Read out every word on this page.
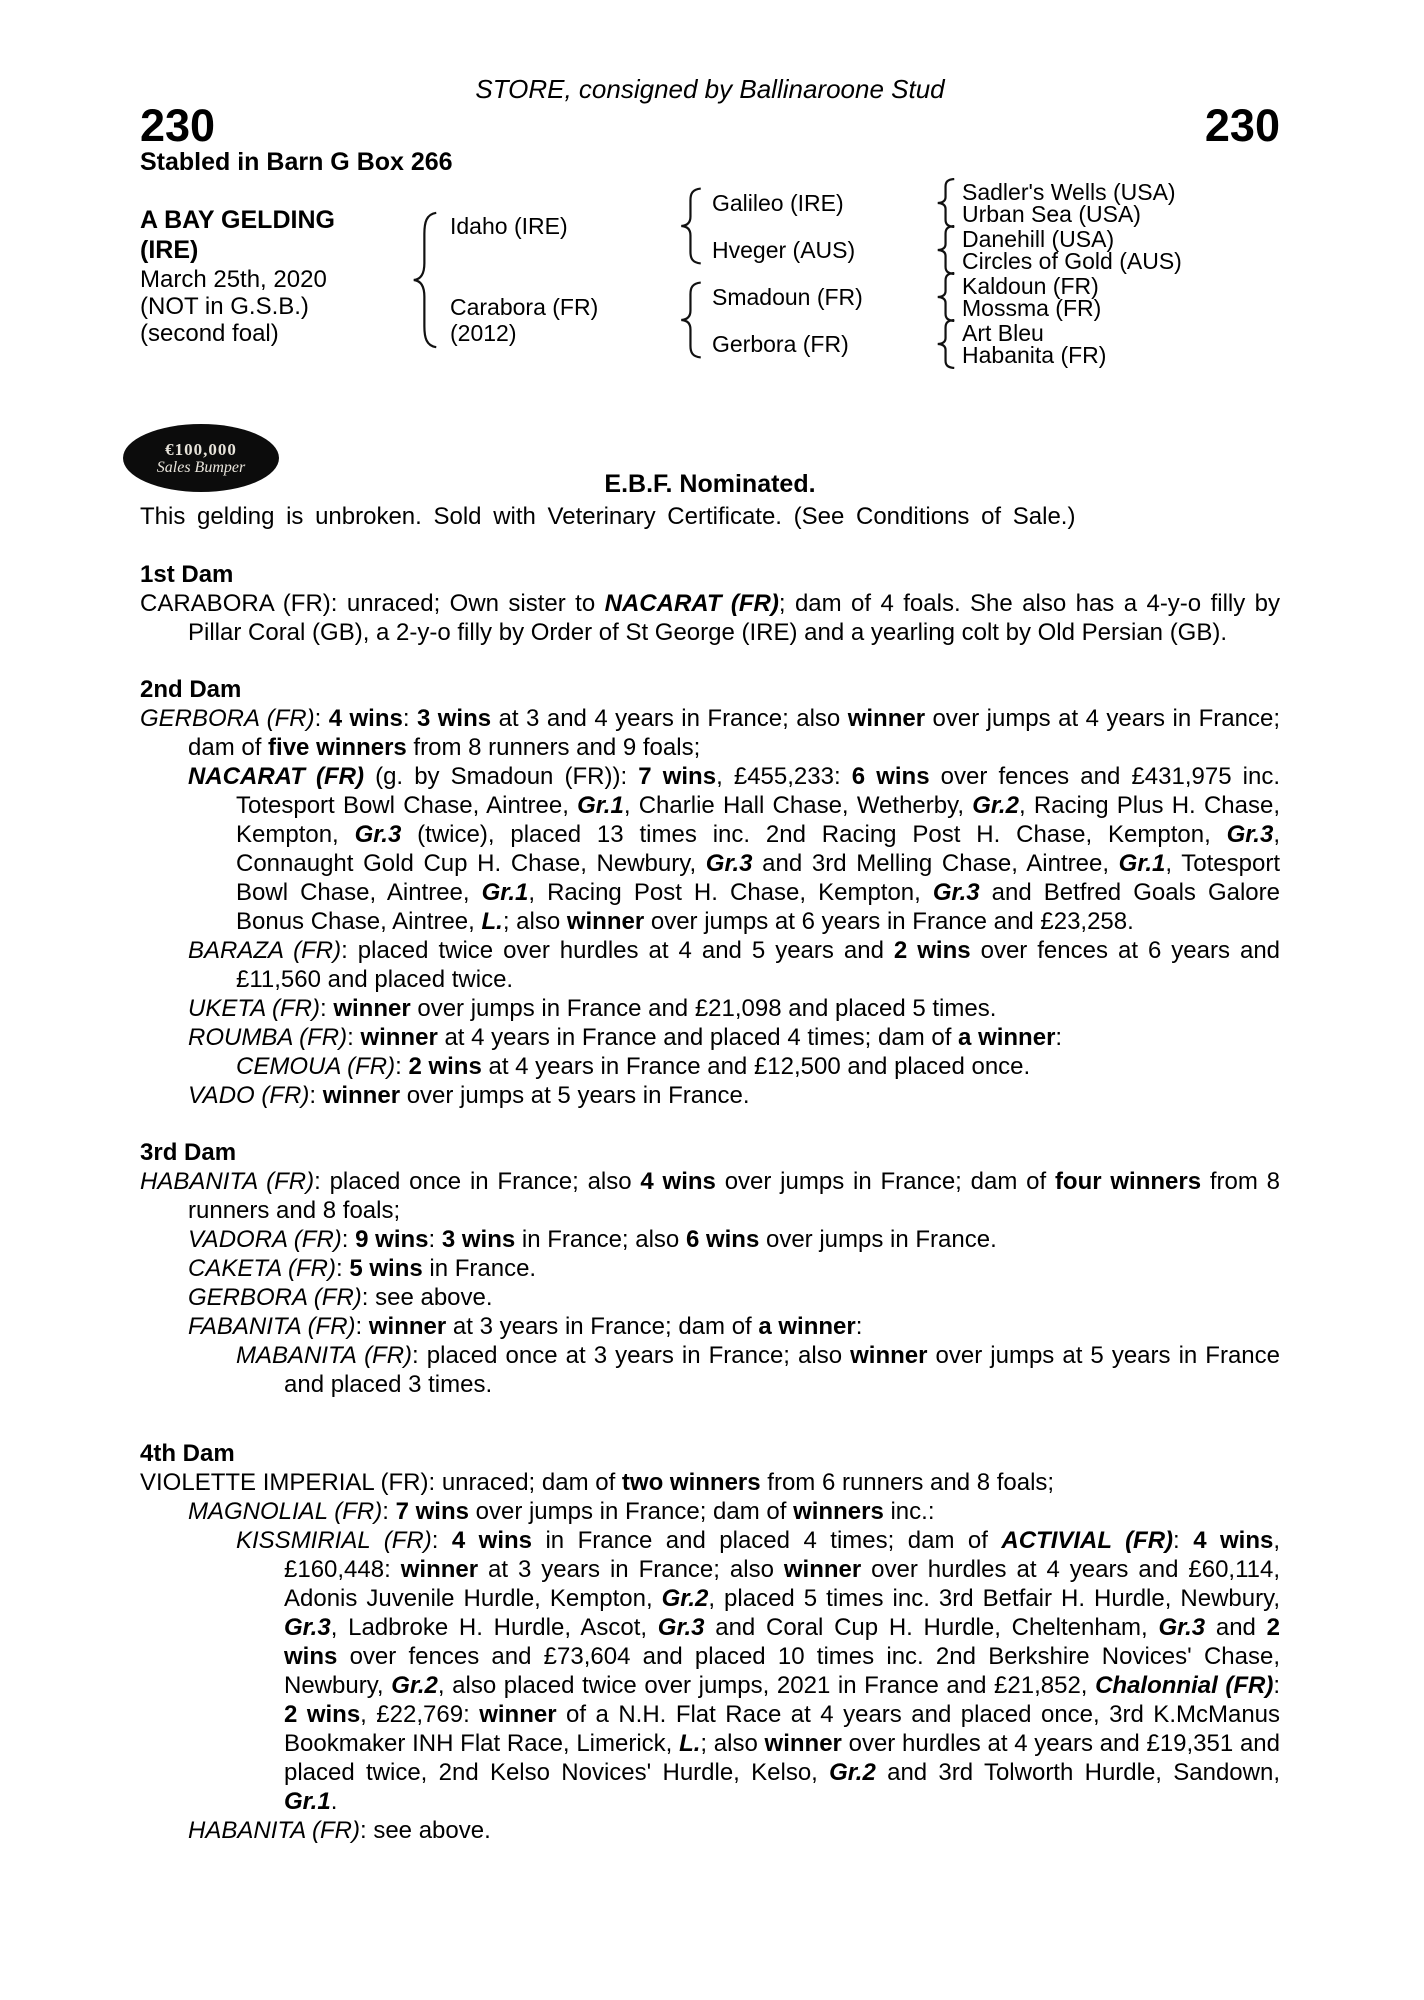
STORE, consigned by Ballinaroone Stud
230	230
Stabled in Barn G Box 266
A BAY GELDING
(IRE)
March 25th, 2020
(NOT in G.S.B.)
(second foal)
Idaho (IRE)
Carabora (FR)
(2012)
Galileo (IRE)
Hveger (AUS)
Smadoun (FR)
Gerbora (FR)
Sadler's Wells (USA)
Urban Sea (USA)
Danehill (USA)
Circles of Gold (AUS)
Kaldoun (FR)
Mossma (FR)
Art Bleu
Habanita (FR)
€100,000
Sales Bumper
E.B.F. Nominated.
This gelding is unbroken. Sold with Veterinary Certificate. (See Conditions of Sale.)
1st Dam

CARABORA (FR): unraced; Own sister to NACARAT (FR); dam of 4 foals. She also has a 4-y-o filly by Pillar Coral (GB), a 2-y-o filly by Order of St George (IRE) and a yearling colt by Old Persian (GB).

2nd Dam

GERBORA (FR): 4 wins: 3 wins at 3 and 4 years in France; also winner over jumps at 4 years in France; dam of five winners from 8 runners and 9 foals;

NACARAT (FR) (g. by Smadoun (FR)): 7 wins, £455,233: 6 wins over fences and £431,975 inc. Totesport Bowl Chase, Aintree, Gr.1, Charlie Hall Chase, Wetherby, Gr.2, Racing Plus H. Chase, Kempton, Gr.3 (twice), placed 13 times inc. 2nd Racing Post H. Chase, Kempton, Gr.3, Connaught Gold Cup H. Chase, Newbury, Gr.3 and 3rd Melling Chase, Aintree, Gr.1, Totesport Bowl Chase, Aintree, Gr.1, Racing Post H. Chase, Kempton, Gr.3 and Betfred Goals Galore Bonus Chase, Aintree, L.; also winner over jumps at 6 years in France and £23,258.

BARAZA (FR): placed twice over hurdles at 4 and 5 years and 2 wins over fences at 6 years and £11,560 and placed twice.

UKETA (FR): winner over jumps in France and £21,098 and placed 5 times.

ROUMBA (FR): winner at 4 years in France and placed 4 times; dam of a winner:

CEMOUA (FR): 2 wins at 4 years in France and £12,500 and placed once.

VADO (FR): winner over jumps at 5 years in France.

3rd Dam

HABANITA (FR): placed once in France; also 4 wins over jumps in France; dam of four winners from 8 runners and 8 foals;

VADORA (FR): 9 wins: 3 wins in France; also 6 wins over jumps in France.

CAKETA (FR): 5 wins in France.

GERBORA (FR): see above.

FABANITA (FR): winner at 3 years in France; dam of a winner:

MABANITA (FR): placed once at 3 years in France; also winner over jumps at 5 years in France and placed 3 times.

4th Dam

VIOLETTE IMPERIAL (FR): unraced; dam of two winners from 6 runners and 8 foals;

MAGNOLIAL (FR): 7 wins over jumps in France; dam of winners inc.:

KISSMIRIAL (FR): 4 wins in France and placed 4 times; dam of ACTIVIAL (FR): 4 wins, £160,448: winner at 3 years in France; also winner over hurdles at 4 years and £60,114, Adonis Juvenile Hurdle, Kempton, Gr.2, placed 5 times inc. 3rd Betfair H. Hurdle, Newbury, Gr.3, Ladbroke H. Hurdle, Ascot, Gr.3 and Coral Cup H. Hurdle, Cheltenham, Gr.3 and 2 wins over fences and £73,604 and placed 10 times inc. 2nd Berkshire Novices' Chase, Newbury, Gr.2, also placed twice over jumps, 2021 in France and £21,852, Chalonnial (FR): 2 wins, £22,769: winner of a N.H. Flat Race at 4 years and placed once, 3rd K.McManus Bookmaker INH Flat Race, Limerick, L.; also winner over hurdles at 4 years and £19,351 and placed twice, 2nd Kelso Novices' Hurdle, Kelso, Gr.2 and 3rd Tolworth Hurdle, Sandown, Gr.1.

HABANITA (FR): see above.
